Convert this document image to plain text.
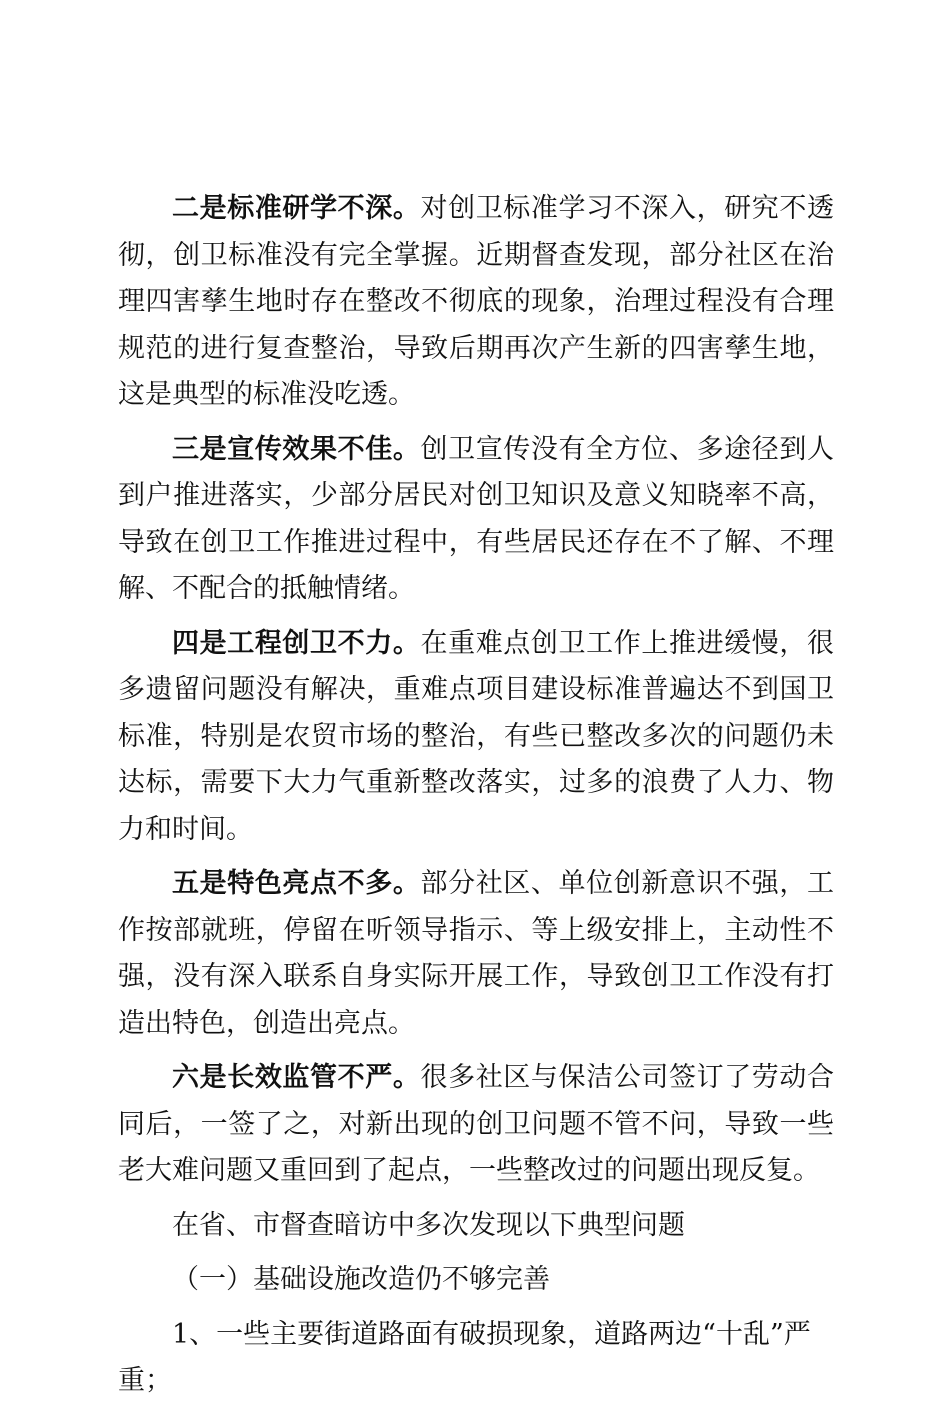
二是标准研学不深。对创卫标准学习不深入，研究不透彻，创卫标准没有完全掌握。近期督查发现，部分社区在治理四害孳生地时存在整改不彻底的现象，治理过程没有合理规范的进行复查整治，导致后期再次产生新的四害孳生地，这是典型的标准没吃透。

三是宣传效果不佳。创卫宣传没有全方位、多途径到人到户推进落实，少部分居民对创卫知识及意义知晓率不高，导致在创卫工作推进过程中，有些居民还存在不了解、不理解、不配合的抵触情绪。

四是工程创卫不力。在重难点创卫工作上推进缓慢，很多遗留问题没有解决，重难点项目建设标准普遍达不到国卫标准，特别是农贸市场的整治，有些已整改多次的问题仍未达标，需要下大力气重新整改落实，过多的浪费了人力、物力和时间。

五是特色亮点不多。部分社区、单位创新意识不强，工作按部就班，停留在听领导指示、等上级安排上，主动性不强，没有深入联系自身实际开展工作，导致创卫工作没有打造出特色，创造出亮点。

六是长效监管不严。很多社区与保洁公司签订了劳动合同后，一签了之，对新出现的创卫问题不管不问，导致一些老大难问题又重回到了起点，一些整改过的问题出现反复。

在省、市督查暗访中多次发现以下典型问题

（一）基础设施改造仍不够完善

1、一些主要街道路面有破损现象，道路两边“十乱”严重；
